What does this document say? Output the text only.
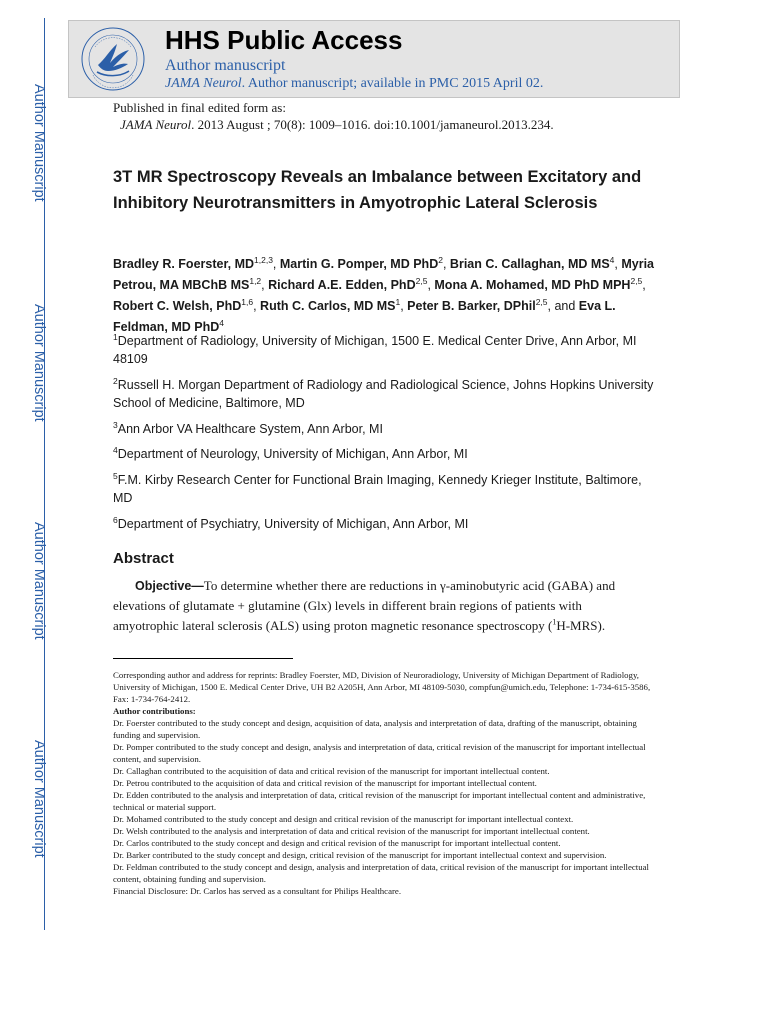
Author Manuscript
Author Manuscript
Author Manuscript
Author Manuscript
HHS Public Access
Author manuscript
JAMA Neurol. Author manuscript; available in PMC 2015 April 02.
Published in final edited form as:
JAMA Neurol. 2013 August ; 70(8): 1009–1016. doi:10.1001/jamaneurol.2013.234.
3T MR Spectroscopy Reveals an Imbalance between Excitatory and Inhibitory Neurotransmitters in Amyotrophic Lateral Sclerosis
Bradley R. Foerster, MD$^{1,2,3}$, Martin G. Pomper, MD PhD$^2$, Brian C. Callaghan, MD $MS^4$, Myria Petrou, MA MBChB MS$^{1,2}$, Richard A.E. Edden, PhD$^{2,5}$, Mona A. Mohamed, MD PhD MPH$^{2,5}$, Robert C. Welsh, PhD$^{1,6}$, Ruth C. Carlos, MD $MS^1$, Peter B. Barker, DPhil$^{2,5}$, and Eva L. Feldman, MD PhD$^4$
$^1$Department of Radiology, University of Michigan, 1500 E. Medical Center Drive, Ann Arbor, MI 48109
$^2$Russell H. Morgan Department of Radiology and Radiological Science, Johns Hopkins University School of Medicine, Baltimore, MD
$^3$Ann Arbor VA Healthcare System, Ann Arbor, MI
$^4$Department of Neurology, University of Michigan, Ann Arbor, MI
$^5$F.M. Kirby Research Center for Functional Brain Imaging, Kennedy Krieger Institute, Baltimore, MD
$^6$Department of Psychiatry, University of Michigan, Ann Arbor, MI
Abstract
Objective—To determine whether there are reductions in γ-aminobutyric acid (GABA) and elevations of glutamate + glutamine (Glx) levels in different brain regions of patients with amyotrophic lateral sclerosis (ALS) using proton magnetic resonance spectroscopy ($^1$H-MRS).

Corresponding author and address for reprints: Bradley Foerster, MD, Division of Neuroradiology, University of Michigan Department of Radiology, University of Michigan, 1500 E. Medical Center Drive, UH B2 A205H, Ann Arbor, MI 48109-5030, compfun@umich.edu, Telephone: 1-734-615-3586, Fax: 1-734-764-2412.

Author contributions:

Dr. Foerster contributed to the study concept and design, acquisition of data, analysis and interpretation of data, drafting of the manuscript, obtaining funding and supervision.

Dr. Pomper contributed to the study concept and design, analysis and interpretation of data, critical revision of the manuscript for important intellectual content, and supervision.

Dr. Callaghan contributed to the acquisition of data and critical revision of the manuscript for important intellectual content.

Dr. Petrou contributed to the acquisition of data and critical revision of the manuscript for important intellectual content.

Dr. Edden contributed to the analysis and interpretation of data, critical revision of the manuscript for important intellectual content and administrative, technical or material support.

Dr. Mohamed contributed to the study concept and design and critical revision of the manuscript for important intellectual context.

Dr. Welsh contributed to the analysis and interpretation of data and critical revision of the manuscript for important intellectual content.

Dr. Carlos contributed to the study concept and design and critical revision of the manuscript for important intellectual content.

Dr. Barker contributed to the study concept and design, critical revision of the manuscript for important intellectual context and supervision.

Dr. Feldman contributed to the study concept and design, analysis and interpretation of data, critical revision of the manuscript for important intellectual content, obtaining funding and supervision.

Financial Disclosure: Dr. Carlos has served as a consultant for Philips Healthcare.
